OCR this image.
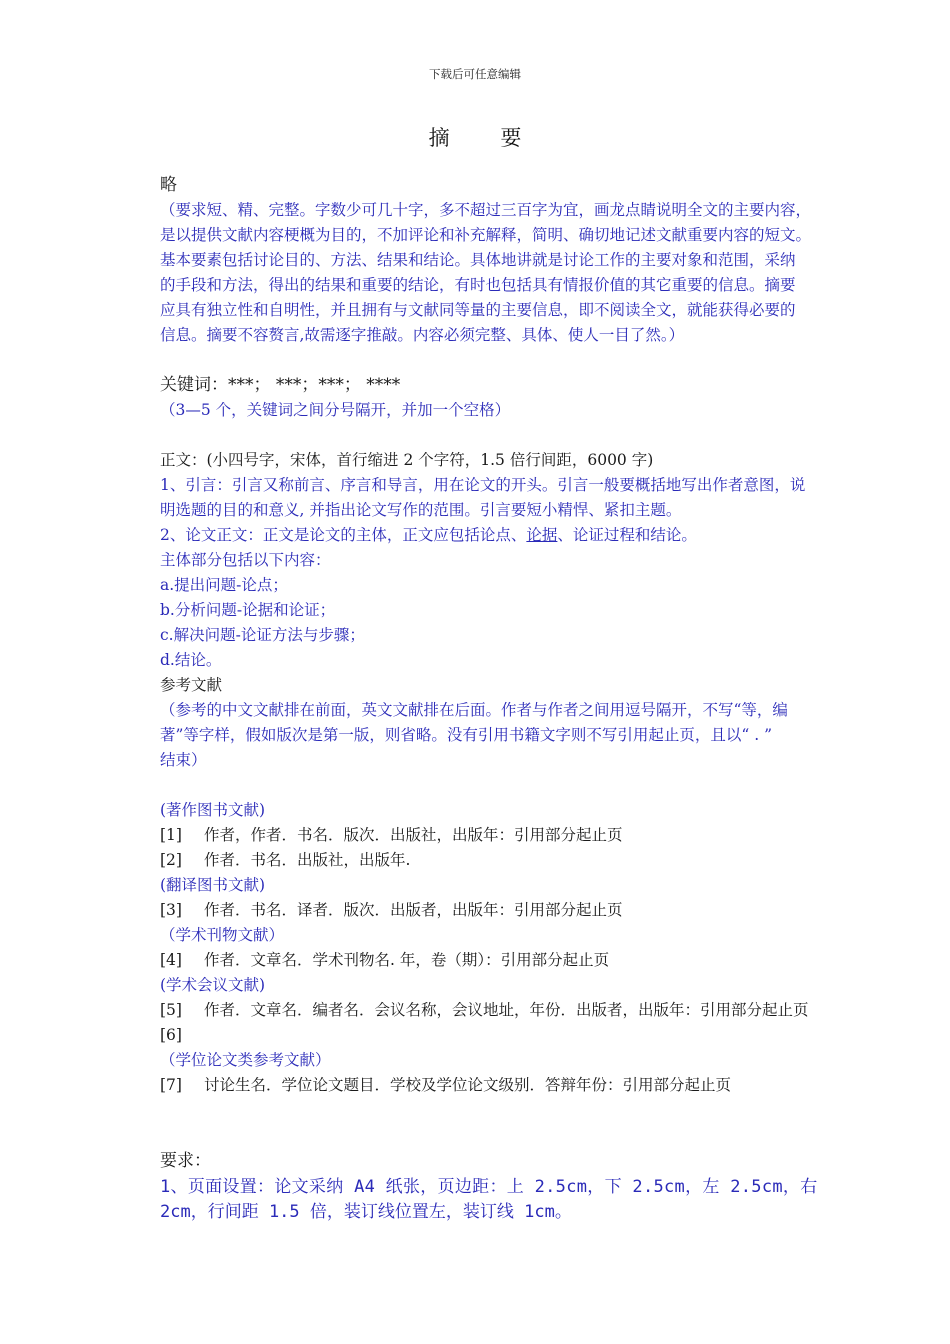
下载后可任意编辑
摘 要
略
（要求短、精、完整。字数少可几十字，多不超过三百字为宜，画龙点睛说明全文的主要内容，
是以提供文献内容梗概为目的，不加评论和补充解释，简明、确切地记述文献重要内容的短文。
基本要素包括讨论目的、方法、结果和结论。具体地讲就是讨论工作的主要对象和范围，采纳
的手段和方法，得出的结果和重要的结论，有时也包括具有情报价值的其它重要的信息。摘要
应具有独立性和自明性，并且拥有与文献同等量的主要信息，即不阅读全文，就能获得必要的
信息。摘要不容赘言,故需逐字推敲。内容必须完整、具体、使人一目了然。）
关键词：***； ***；***； ****
（3—5 个，关键词之间分号隔开，并加一个空格）
正文：(小四号字，宋体，首行缩进 2 个字符，1.5 倍行间距，6000 字)
1、引言：引言又称前言、序言和导言，用在论文的开头。引言一般要概括地写出作者意图，说
明选题的目的和意义, 并指出论文写作的范围。引言要短小精悍、紧扣主题。
2、论文正文：正文是论文的主体，正文应包括论点、论据、论证过程和结论。
主体部分包括以下内容：
a.提出问题-论点；
b.分析问题-论据和论证；
c.解决问题-论证方法与步骤；
d.结论。
参考文献
（参考的中文文献排在前面，英文文献排在后面。作者与作者之间用逗号隔开，不写“等，编
著”等字样，假如版次是第一版，则省略。没有引用书籍文字则不写引用起止页，且以“ . ”
结束）
(著作图书文献)
[1] 作者，作者．书名．版次．出版社，出版年：引用部分起止页
[2] 作者．书名．出版社，出版年.
(翻译图书文献)
[3] 作者．书名．译者．版次．出版者，出版年：引用部分起止页
（学术刊物文献）
[4] 作者．文章名．学术刊物名. 年，卷（期）：引用部分起止页
(学术会议文献)
[5] 作者．文章名．编者名．会议名称，会议地址，年份．出版者，出版年：引用部分起止页
[6]
（学位论文类参考文献）
[7] 讨论生名．学位论文题目．学校及学位论文级别．答辩年份：引用部分起止页
要求：
1、页面设置：论文采纳 A4 纸张，页边距：上 2.5cm，下 2.5cm，左 2.5cm，右
2cm，行间距 1.5 倍，装订线位置左，装订线 1cm。
